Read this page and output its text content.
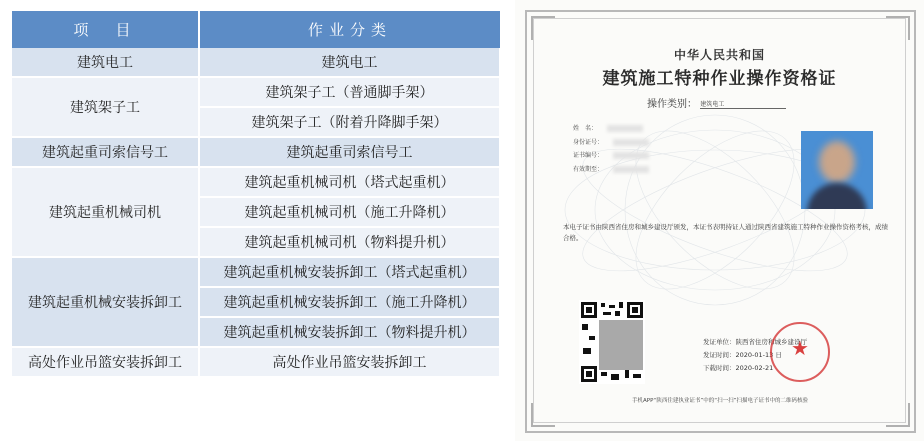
项　目	作业分类
建筑电工	建筑电工
建筑架子工	建筑架子工（普通脚手架）
	建筑架子工（附着升降脚手架）
建筑起重司索信号工	建筑起重司索信号工
建筑起重机械司机	建筑起重机械司机（塔式起重机）
	建筑起重机械司机（施工升降机）
	建筑起重机械司机（物料提升机）
建筑起重机械安装拆卸工	建筑起重机械安装拆卸工（塔式起重机）
	建筑起重机械安装拆卸工（施工升降机）
	建筑起重机械安装拆卸工（物料提升机）
高处作业吊篮安装拆卸工	高处作业吊篮安装拆卸工
中华人民共和国
建筑施工特种作业操作资格证
操作类别： 建筑电工
姓　名：
身份证号：
证书编号：
有效期至：
本电子证书由陕西省住房和城乡建设厅颁发，本证书表明持证人通过陕西省建筑施工特种作业操作资格考核，成绩合格。
发证单位：陕西省住房和城乡建设厅
发证时间：2020-01-13 日
下载时间：2020-02-21
★
手机APP“陕西住建执业证书”中的“扫一扫”扫描电子证书中的二维码核验
